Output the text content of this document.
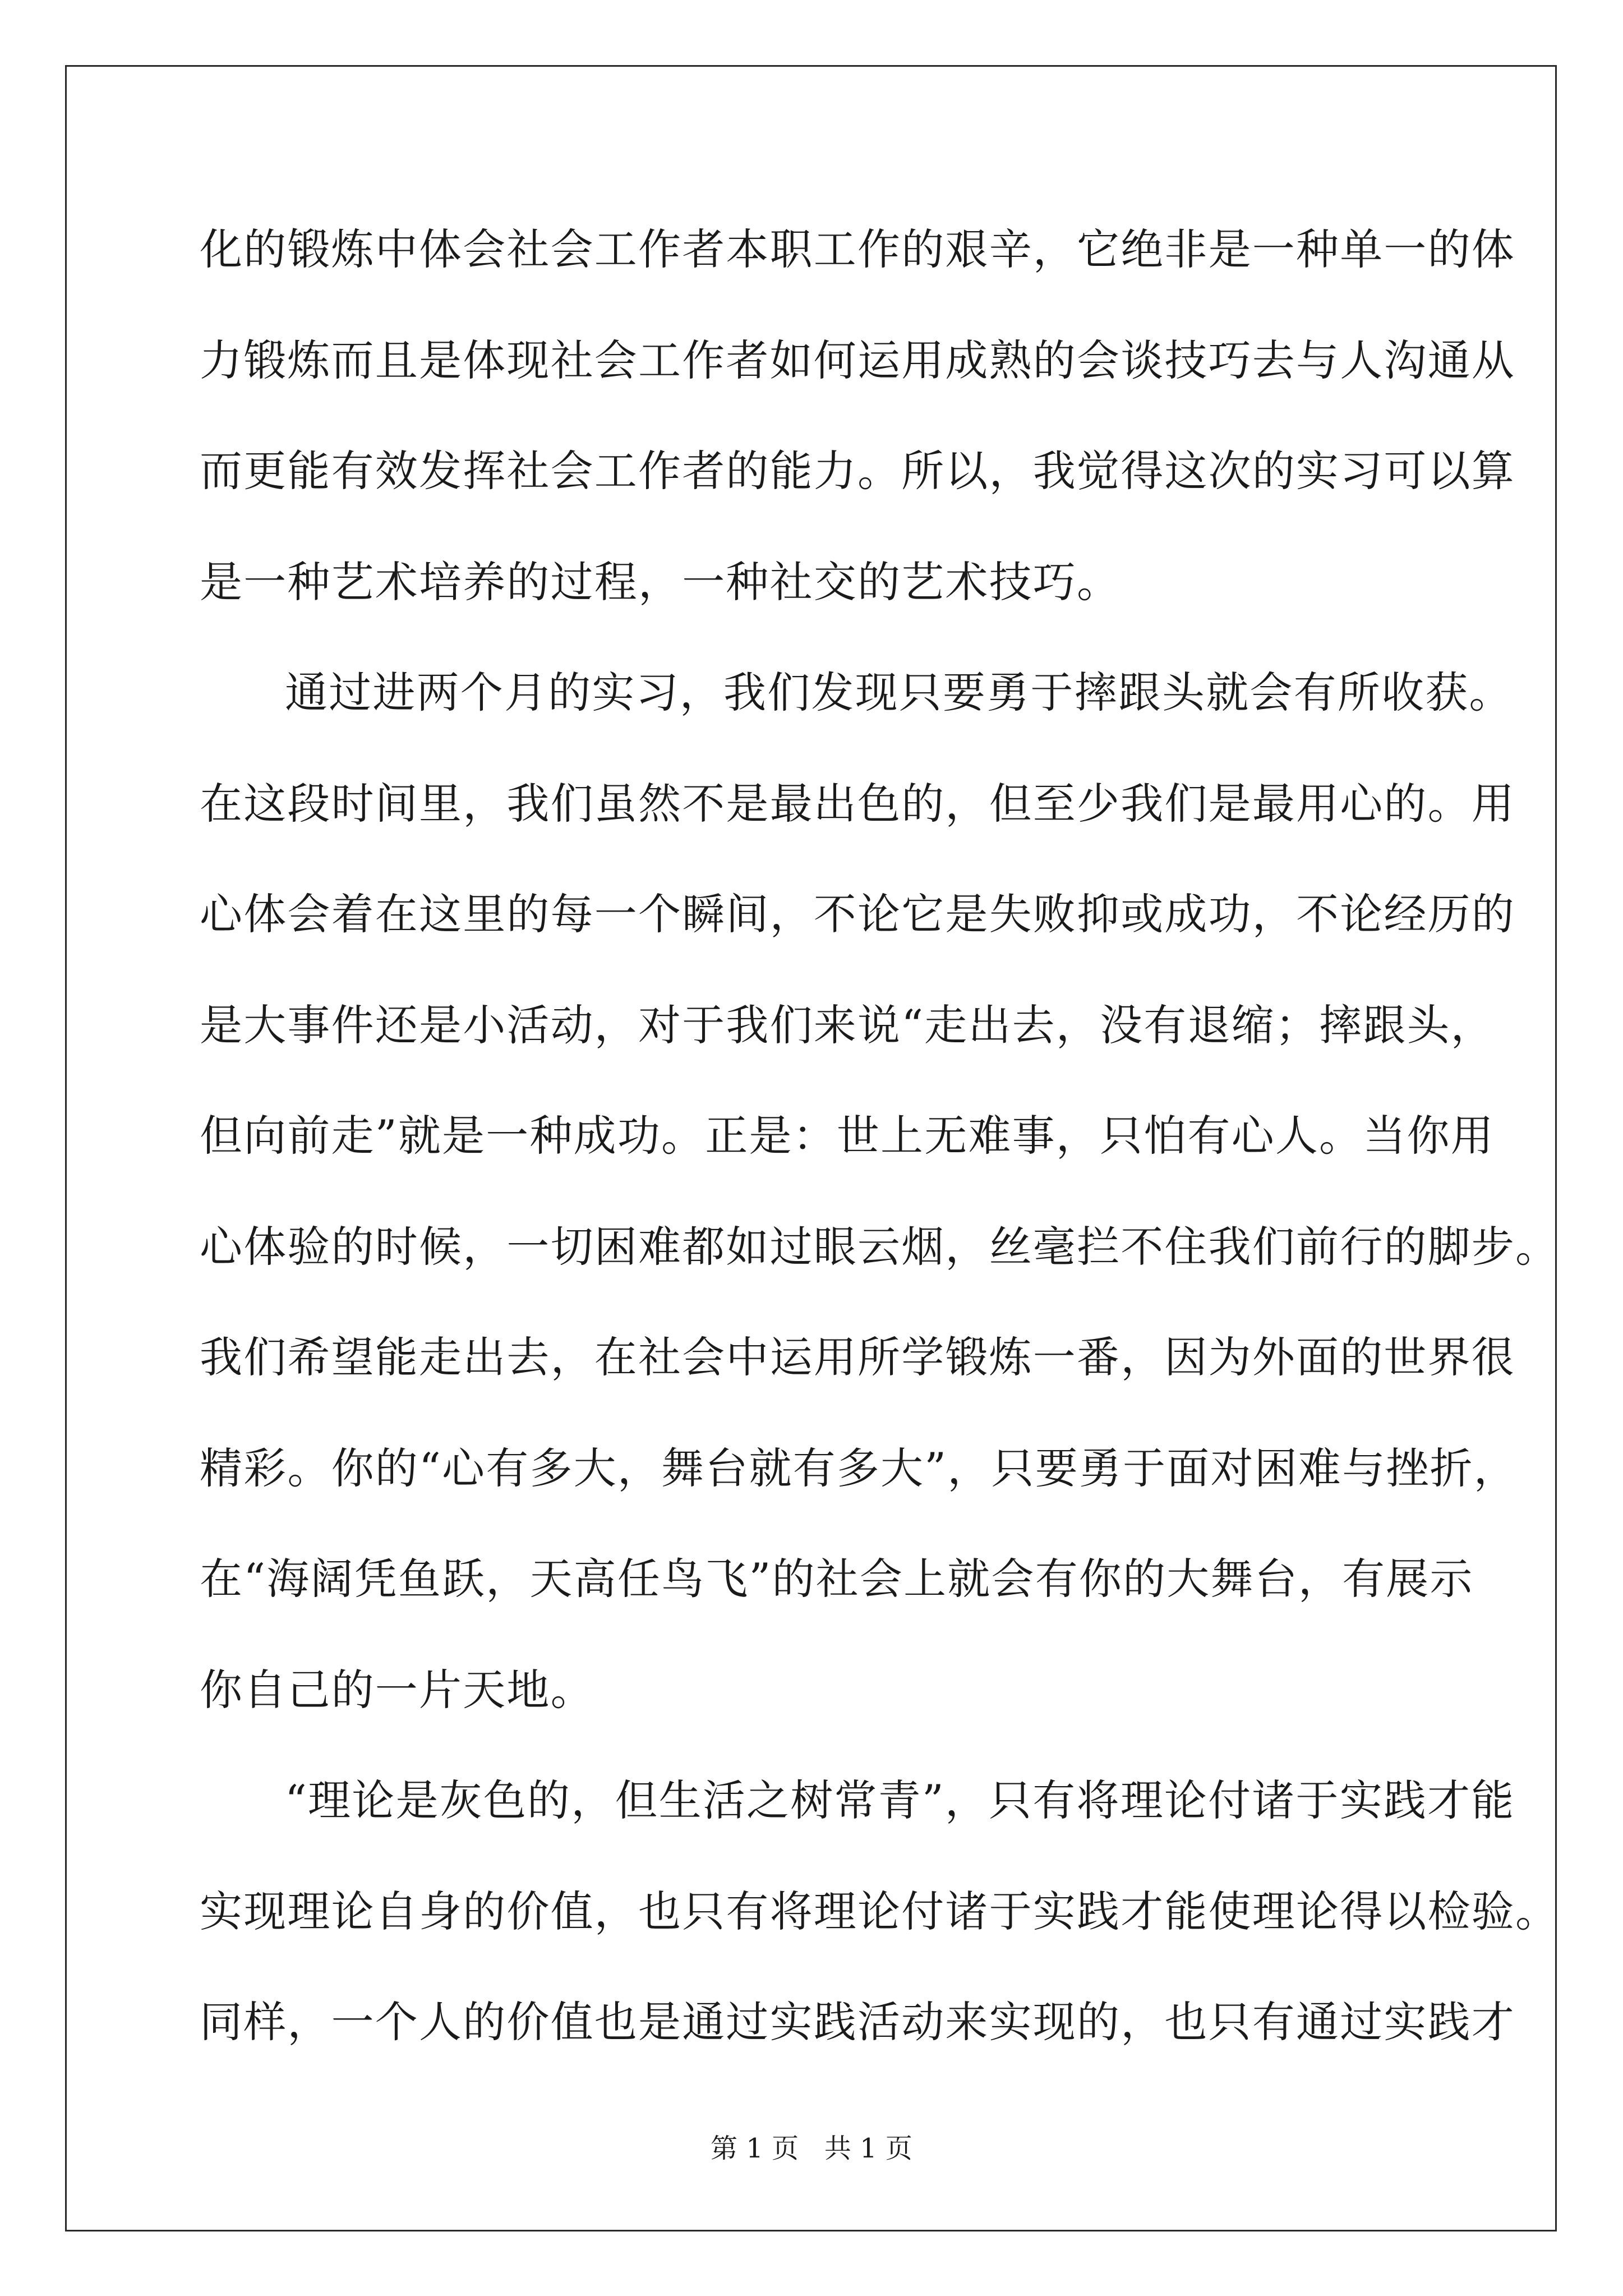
化的锻炼中体会社会工作者本职工作的艰辛，它绝非是一种单一的体
力锻炼而且是体现社会工作者如何运用成熟的会谈技巧去与人沟通从
而更能有效发挥社会工作者的能力。所以，我觉得这次的实习可以算
是一种艺术培养的过程，一种社交的艺术技巧。
通过进两个月的实习，我们发现只要勇于摔跟头就会有所收获。
在这段时间里，我们虽然不是最出色的，但至少我们是最用心的。用
心体会着在这里的每一个瞬间，不论它是失败抑或成功，不论经历的
是大事件还是小活动，对于我们来说“走出去，没有退缩；摔跟头，
但向前走”就是一种成功。正是：世上无难事，只怕有心人。当你用
心体验的时候，一切困难都如过眼云烟，丝毫拦不住我们前行的脚步。
我们希望能走出去，在社会中运用所学锻炼一番，因为外面的世界很
精彩。你的“心有多大，舞台就有多大”，只要勇于面对困难与挫折，
在“海阔凭鱼跃，天高任鸟飞”的社会上就会有你的大舞台，有展示
你自己的一片天地。
“理论是灰色的，但生活之树常青”，只有将理论付诸于实践才能
实现理论自身的价值，也只有将理论付诸于实践才能使理论得以检验。
同样，一个人的价值也是通过实践活动来实现的，也只有通过实践才
第 1 页   共 1 页
